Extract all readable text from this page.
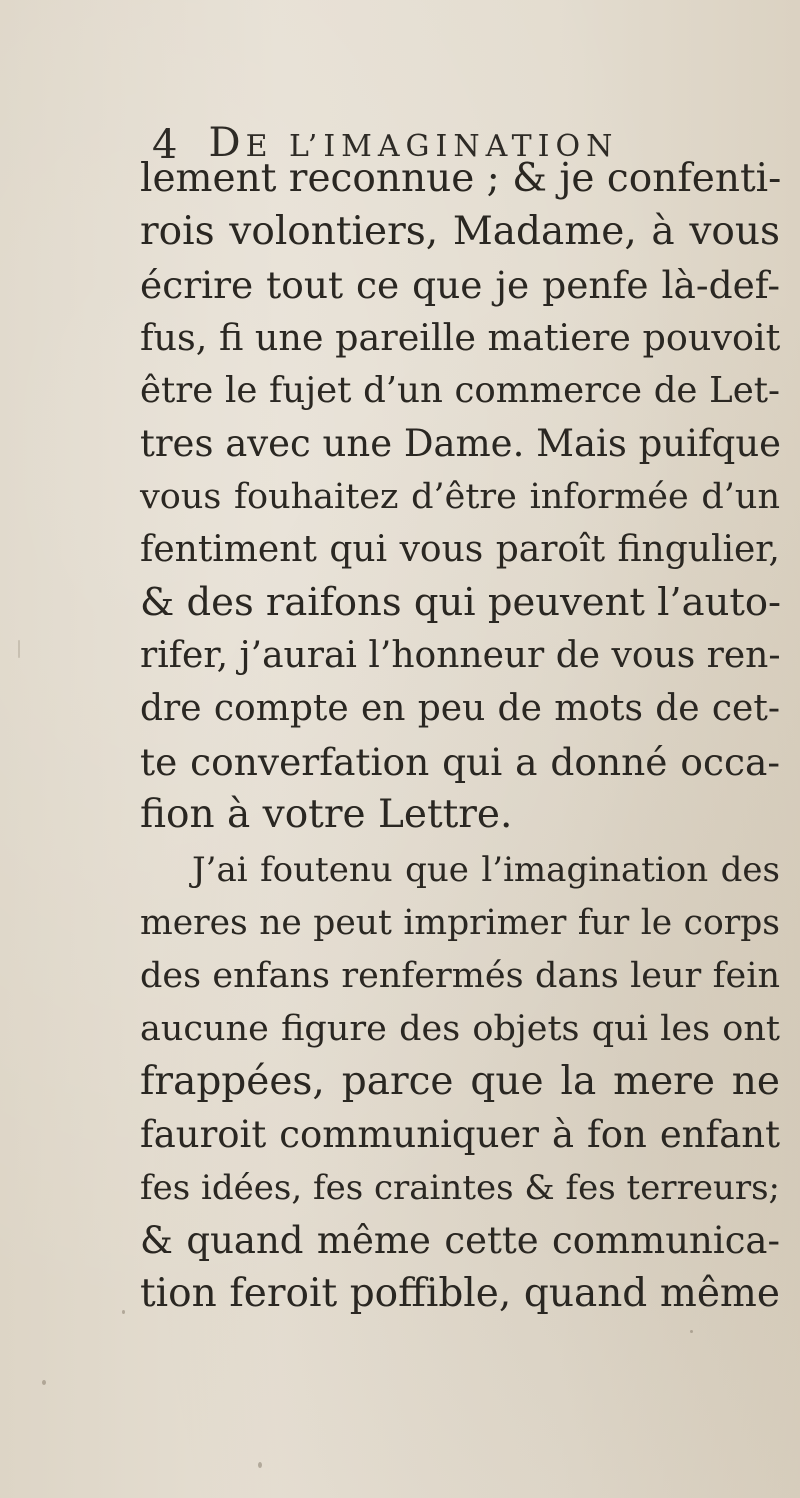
4 DE L’IMAGINATION
lement reconnue ; & je confenti-
rois volontiers, Madame, à vous
écrire tout ce que je penfe là-def-
fus, fi une pareille matiere pouvoit
être le fujet d’un commerce de Let-
tres avec une Dame. Mais puifque
vous fouhaitez d’être informée d’un
fentiment qui vous paroît fingulier,
& des raifons qui peuvent l’auto-
rifer, j’aurai l’honneur de vous ren-
dre compte en peu de mots de cet-
te converfation qui a donné occa-
fion à votre Lettre.
J’ai foutenu que l’imagination des
meres ne peut imprimer fur le corps
des enfans renfermés dans leur fein
aucune figure des objets qui les ont
frappées, parce que la mere ne
fauroit communiquer à fon enfant
fes idées, fes craintes & fes terreurs;
& quand même cette communica-
tion feroit poffible, quand même
